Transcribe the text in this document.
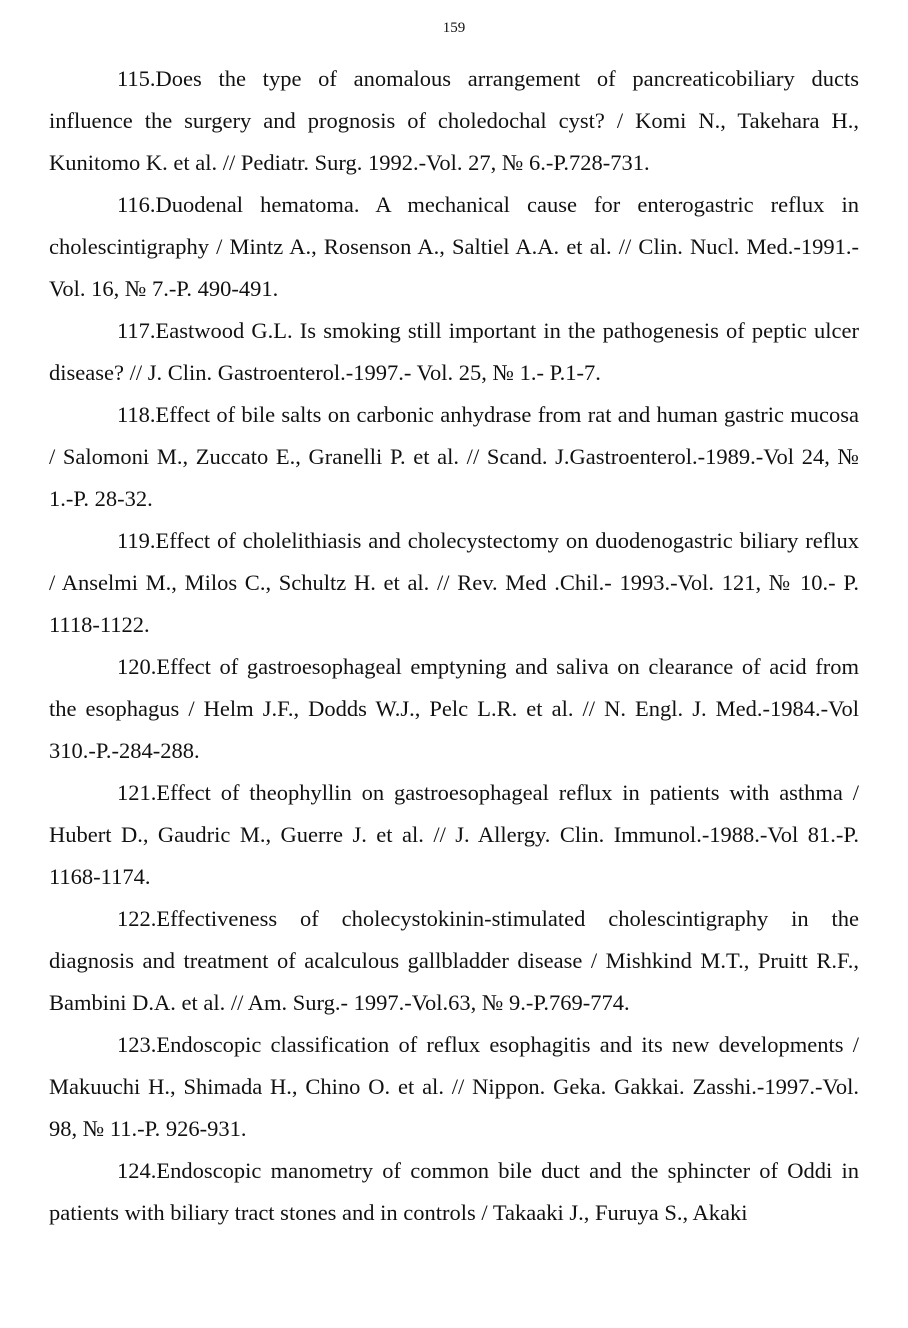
159

115.Does the type of anomalous arrangement of pancreaticobiliary ducts influence the surgery and prognosis of choledochal cyst? / Komi N., Takehara H., Kunitomo K. et al. // Pediatr. Surg. 1992.-Vol. 27, № 6.-P.728-731.

116.Duodenal hematoma. A mechanical cause for enterogastric reflux in cholescintigraphy / Mintz A., Rosenson A., Saltiel A.A. et al. // Clin. Nucl. Med.-1991.-Vol. 16, № 7.-P. 490-491.

117.Eastwood G.L. Is smoking still important in the pathogenesis of peptic ulcer disease? // J. Clin. Gastroenterol.-1997.- Vol. 25, № 1.- P.1-7.

118.Effect of bile salts on carbonic anhydrase from rat and human gastric mucosa / Salomoni M., Zuccato E., Granelli P. et al. // Scand. J.Gastroenterol.-1989.-Vol 24, № 1.-P. 28-32.

119.Effect of cholelithiasis and cholecystectomy on duodenogastric biliary reflux / Anselmi M., Milos C., Schultz H. et al. // Rev. Med .Chil.- 1993.-Vol. 121, № 10.- P. 1118-1122.

120.Effect of gastroesophageal emptyning and saliva on clearance of acid from the esophagus / Helm J.F., Dodds W.J., Pelc L.R. et al. // N. Engl. J. Med.-1984.-Vol 310.-P.-284-288.

121.Effect of theophyllin on gastroesophageal reflux in patients with asthma / Hubert D., Gaudric M., Guerre J. et al. // J. Allergy. Clin. Immunol.-1988.-Vol 81.-P. 1168-1174.

122.Effectiveness of cholecystokinin-stimulated cholescintigraphy in the diagnosis and treatment of acalculous gallbladder disease / Mishkind M.T., Pruitt R.F., Bambini D.A. et al. // Am. Surg.- 1997.-Vol.63, № 9.-P.769-774.

123.Endoscopic classification of reflux esophagitis and its new developments / Makuuchi H., Shimada H., Chino O. et al. // Nippon. Geka. Gakkai. Zasshi.-1997.-Vol. 98, № 11.-P. 926-931.

124.Endoscopic manometry of common bile duct and the sphincter of Oddi in patients with biliary tract stones and in controls / Takaaki J., Furuya S., Akaki
